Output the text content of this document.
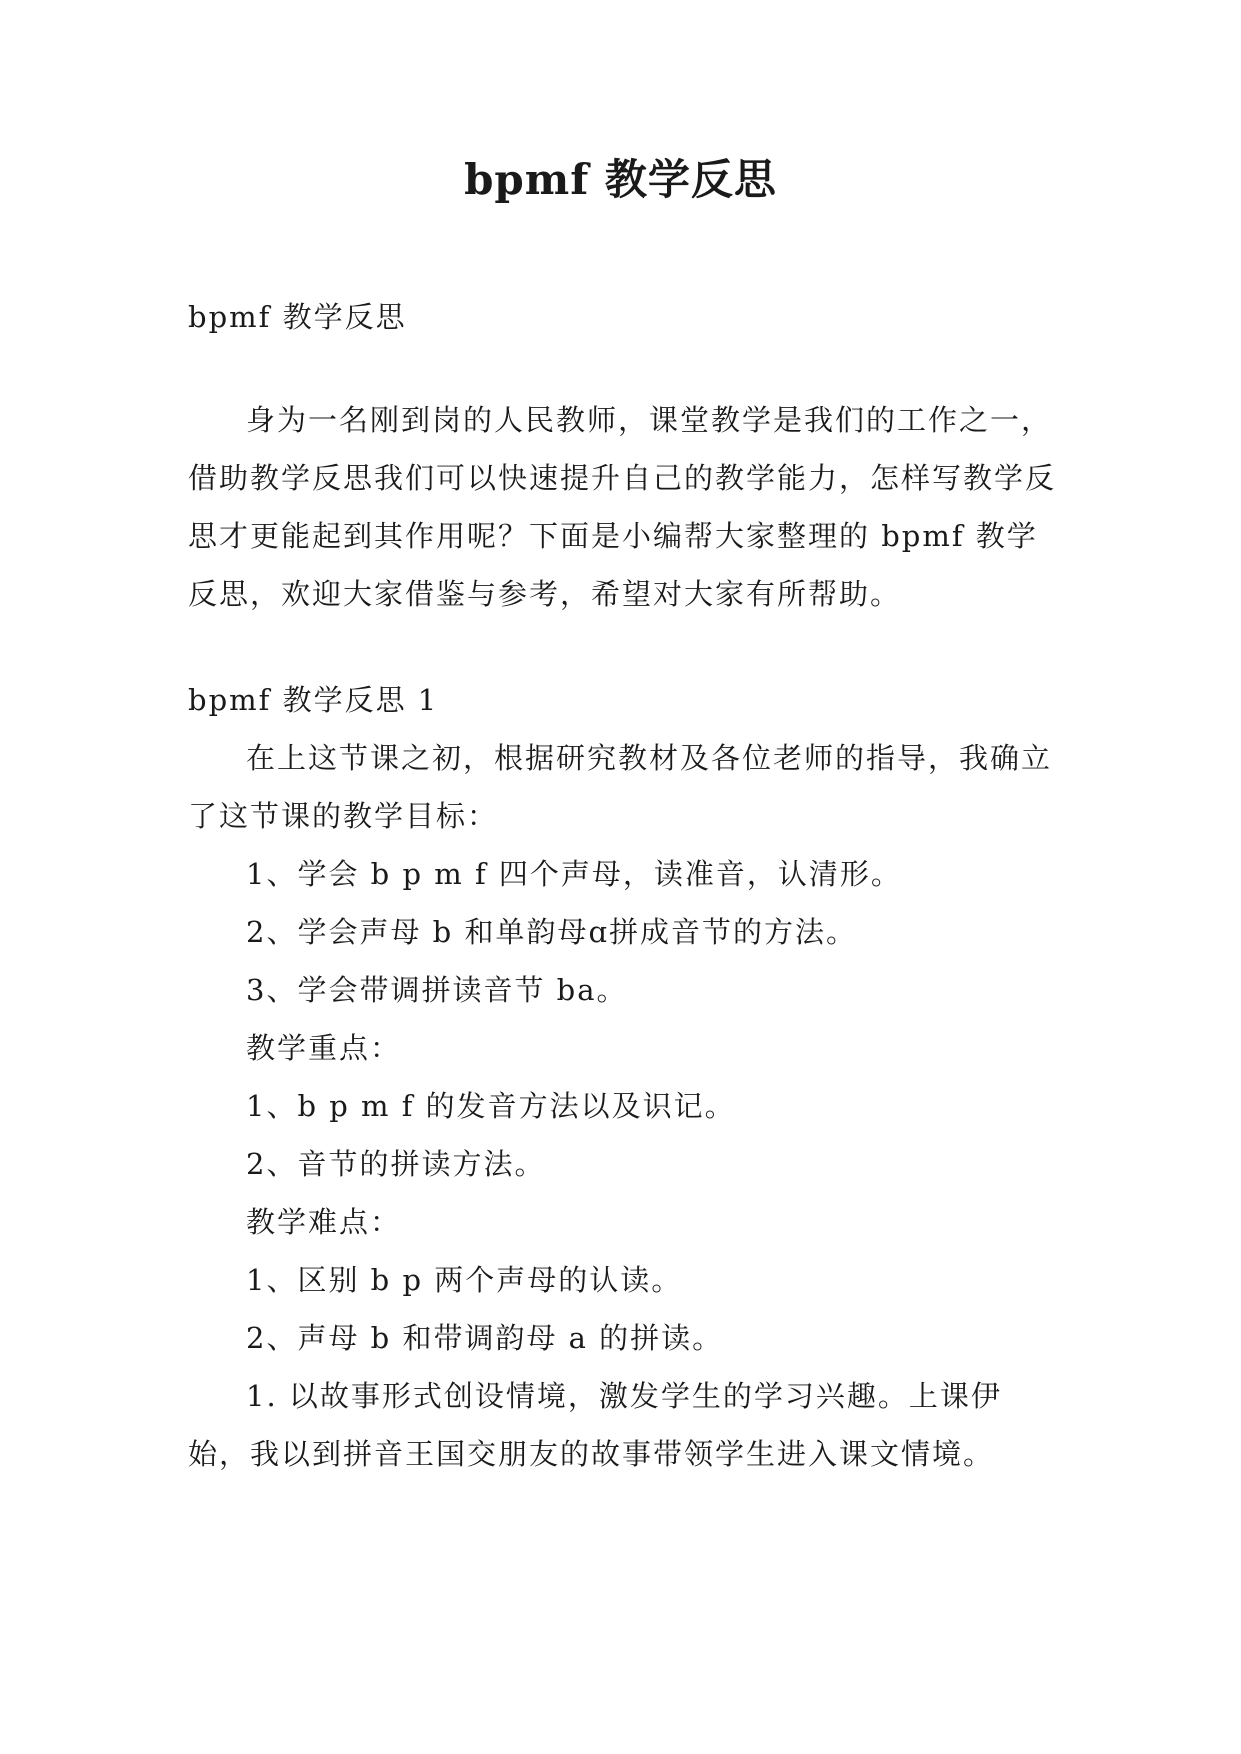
bpmf 教学反思

bpmf 教学反思

身为一名刚到岗的人民教师，课堂教学是我们的工作之一，借助教学反思我们可以快速提升自己的教学能力，怎样写教学反思才更能起到其作用呢？下面是小编帮大家整理的 bpmf 教学反思，欢迎大家借鉴与参考，希望对大家有所帮助。

bpmf 教学反思 1

在上这节课之初，根据研究教材及各位老师的指导，我确立了这节课的教学目标：

1、学会 b p m f 四个声母，读准音，认清形。

2、学会声母 b 和单韵母ɑ拼成音节的方法。

3、学会带调拼读音节 ba。

教学重点：

1、b p m f 的发音方法以及识记。

2、音节的拼读方法。

教学难点：

1、区别 b p 两个声母的认读。

2、声母 b 和带调韵母 a 的拼读。

1. 以故事形式创设情境，激发学生的学习兴趣。上课伊始，我以到拼音王国交朋友的故事带领学生进入课文情境。
